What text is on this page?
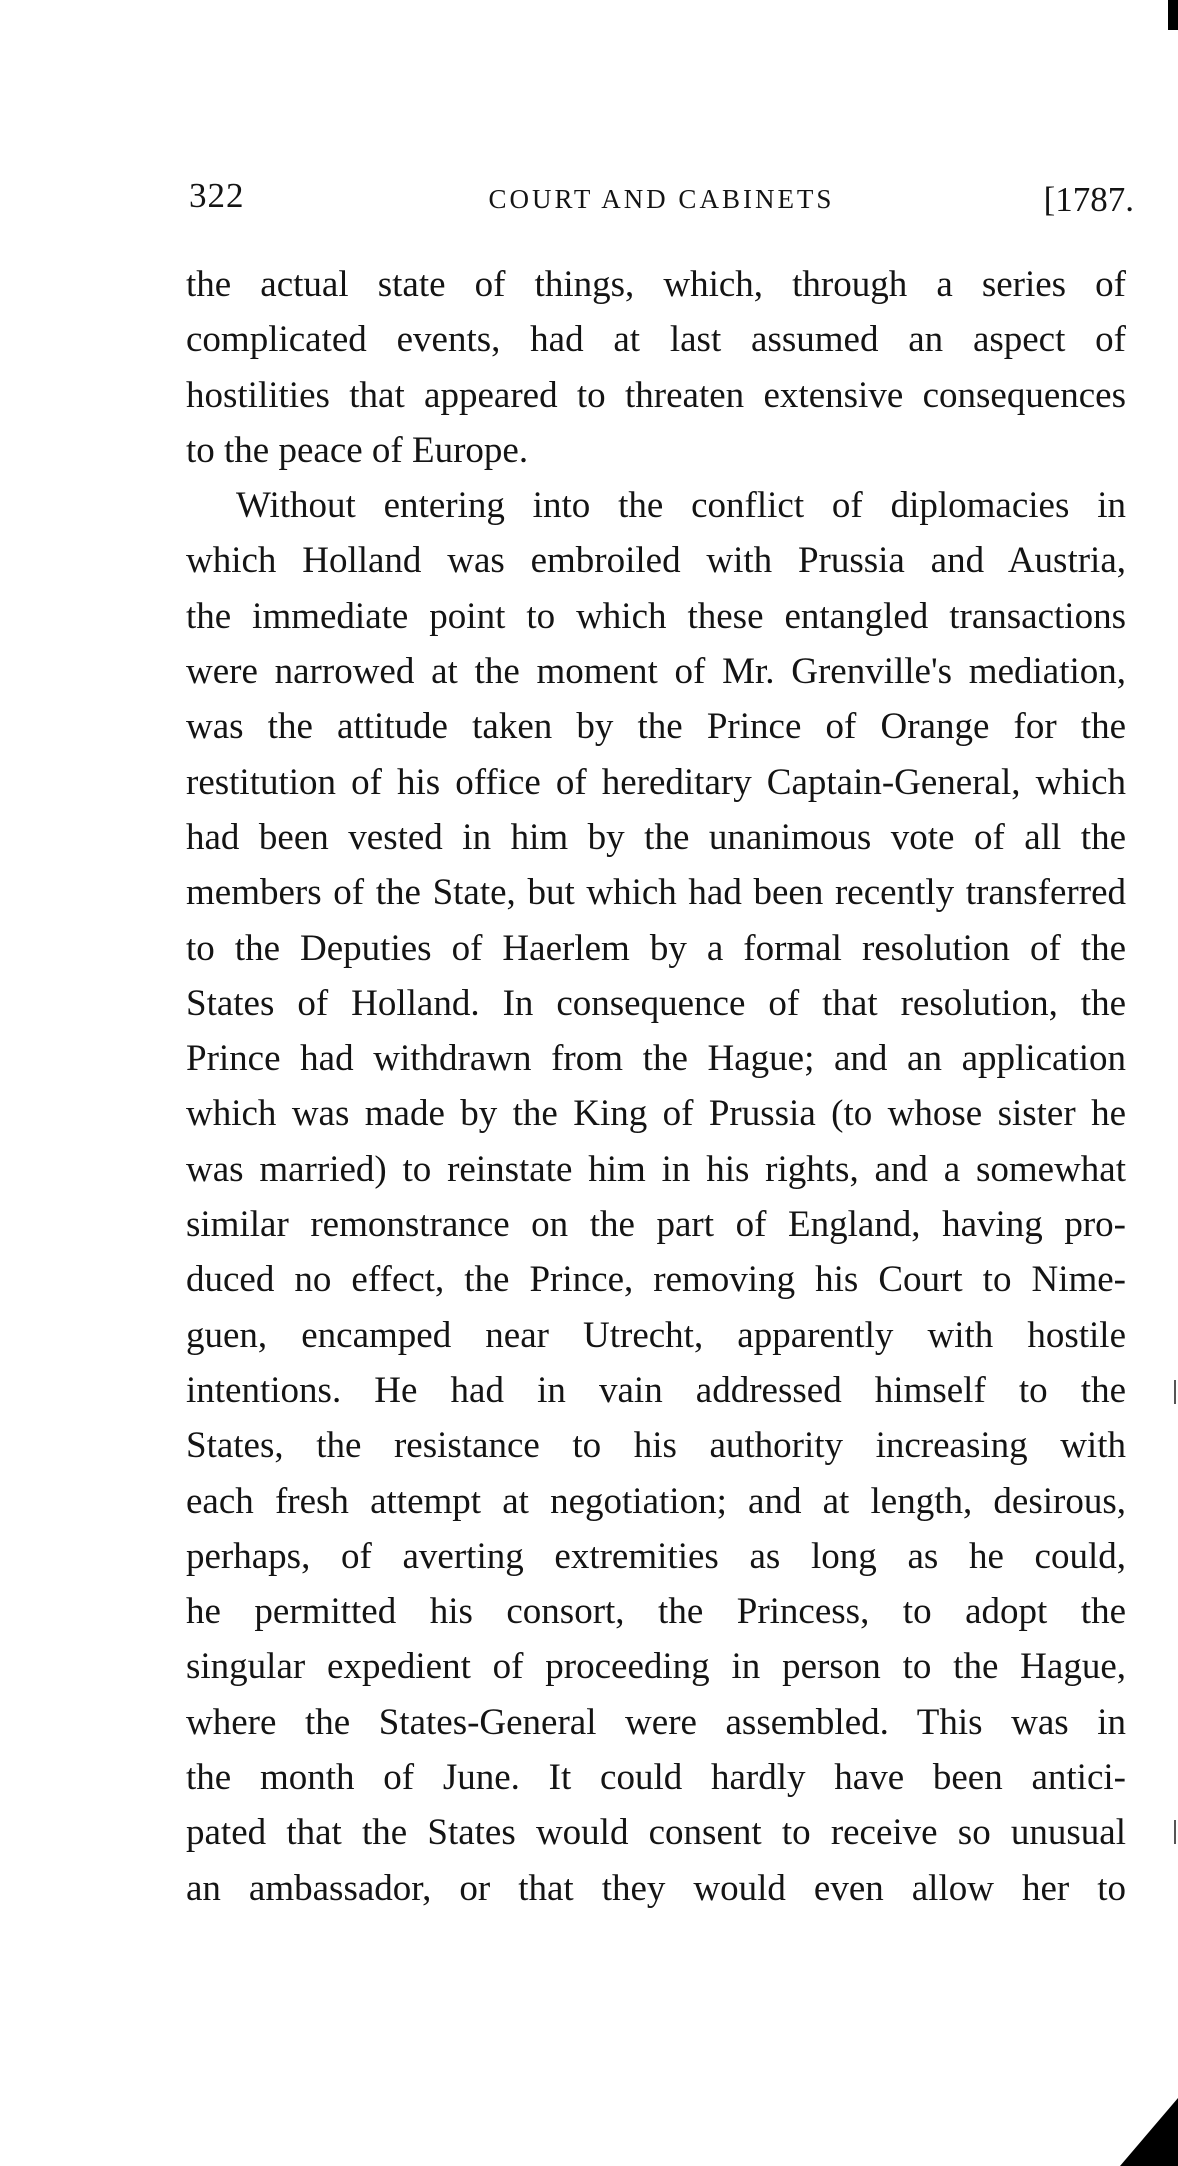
322	COURT AND CABINETS	[1787.
the actual state of things, which, through a series of
complicated events, had at last assumed an aspect of
hostilities that appeared to threaten extensive consequences
to the peace of Europe.
Without entering into the conflict of diplomacies in
which Holland was embroiled with Prussia and Austria,
the immediate point to which these entangled transactions
were narrowed at the moment of Mr. Grenville's mediation,
was the attitude taken by the Prince of Orange for the
restitution of his office of hereditary Captain-General, which
had been vested in him by the unanimous vote of all the
members of the State, but which had been recently transferred
to the Deputies of Haerlem by a formal resolution of the
States of Holland. In consequence of that resolution, the
Prince had withdrawn from the Hague; and an application
which was made by the King of Prussia (to whose sister he
was married) to reinstate him in his rights, and a somewhat
similar remonstrance on the part of England, having pro-
duced no effect, the Prince, removing his Court to Nime-
guen, encamped near Utrecht, apparently with hostile
intentions. He had in vain addressed himself to the
States, the resistance to his authority increasing with
each fresh attempt at negotiation; and at length, desirous,
perhaps, of averting extremities as long as he could,
he permitted his consort, the Princess, to adopt the
singular expedient of proceeding in person to the Hague,
where the States-General were assembled. This was in
the month of June. It could hardly have been antici-
pated that the States would consent to receive so unusual
an ambassador, or that they would even allow her to
